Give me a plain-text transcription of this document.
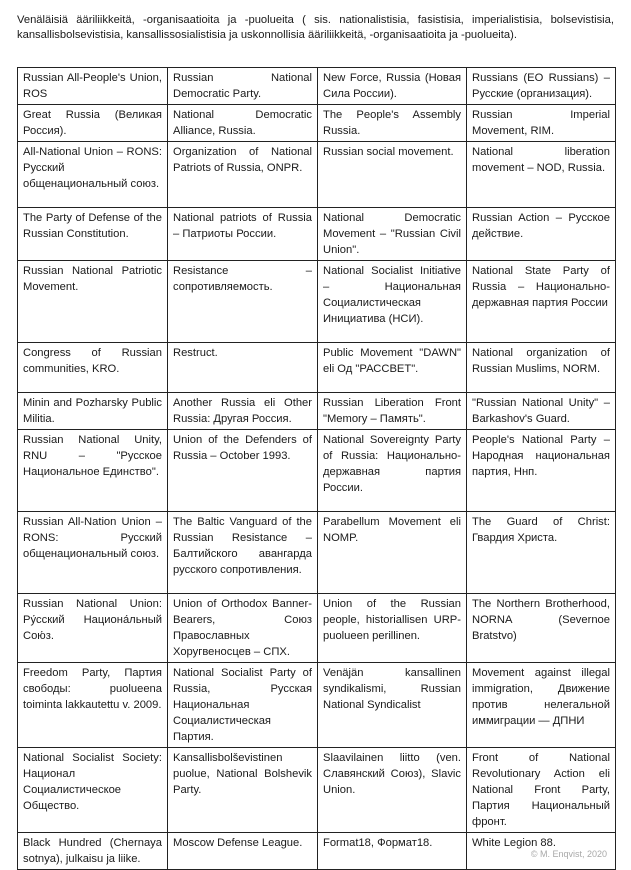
Venäläisiä ääriliikkeitä, -organisaatioita ja -puolueita ( sis. nationalistisia, fasistisia, imperialistisia, bolsevistisia, kansallisbolsevistisia, kansallissosialistisia ja uskonnollisia ääriliikkeitä, -organisaatioita ja -puolueita).

Russian All-People's Union, ROS	Russian National Democratic Party.	New Force, Russia (Новая Сила России).	Russians (EO Russians) – Русские (организация).
Great Russia (Великая Россия).	National Democratic Alliance, Russia.	The People's Assembly Russia.	Russian Imperial Movement, RIM.
All-National Union – RONS: Русский общенациональный союз.	Organization of National Patriots of Russia, ONPR.	Russian social movement.	National liberation movement – NOD, Russia.
The Party of Defense of the Russian Constitution.	National patriots of Russia – Патриоты России.	National Democratic Movement – "Russian Civil Union".	Russian Action – Русское действие.
Russian National Patriotic Movement.	Resistance – сопротивляемость.	National Socialist Initiative – Национальная Социалистическая Инициатива (НСИ).	National State Party of Russia – Национально-державная партия России
Congress of Russian communities, KRO.	Restruct.	Public Movement "DAWN" eli Од "РАССВЕТ".	National organization of Russian Muslims, NORM.
Minin and Pozharsky Public Militia.	Another Russia eli Other Russia: Другая Россия.	Russian Liberation Front "Memory – Память".	"Russian National Unity" – Barkashov's Guard.
Russian National Unity, RNU – "Русское Национальное Единство".	Union of the Defenders of Russia – October 1993.	National Sovereignty Party of Russia: Национально-державная партия России.	People's National Party – Народная национальная партия, Ннп.
Russian All-Nation Union – RONS: Русский общенациональный союз.	The Baltic Vanguard of the Russian Resistance – Балтийского авангарда русского сопротивления.	Parabellum Movement eli NOMP.	The Guard of Christ: Гвардия Христа.
Russian National Union: Ру́сский Национа́льный Сою́з.	Union of Orthodox Banner-Bearers, Союз Православных Хоругвеносцев – СПХ.	Union of the Russian people, historiallisen URP-puolueen perillinen.	The Northern Brotherhood, NORNA (Severnoe Bratstvo)
Freedom Party, Партия свободы: puolueena toiminta lakkautettu v. 2009.	National Socialist Party of Russia, Русская Национальная Социалистическая Партия.	Venäjän kansallinen syndikalismi, Russian National Syndicalist	Movement against illegal immigration, Движение против нелегальной иммиграции — ДПНИ
National Socialist Society: Национал Социалистическое Общество.	Kansallisbolševistinen puolue, National Bolshevik Party.	Slaavilainen liitto (ven. Славянский Союз), Slavic Union.	Front of National Revolutionary Action eli National Front Party, Партия Национальный фронт.
Black Hundred (Chernaya sotnya), julkaisu ja liike.	Moscow Defense League.	Format18, Формат18.	White Legion 88.
© M. Enqvist, 2020
